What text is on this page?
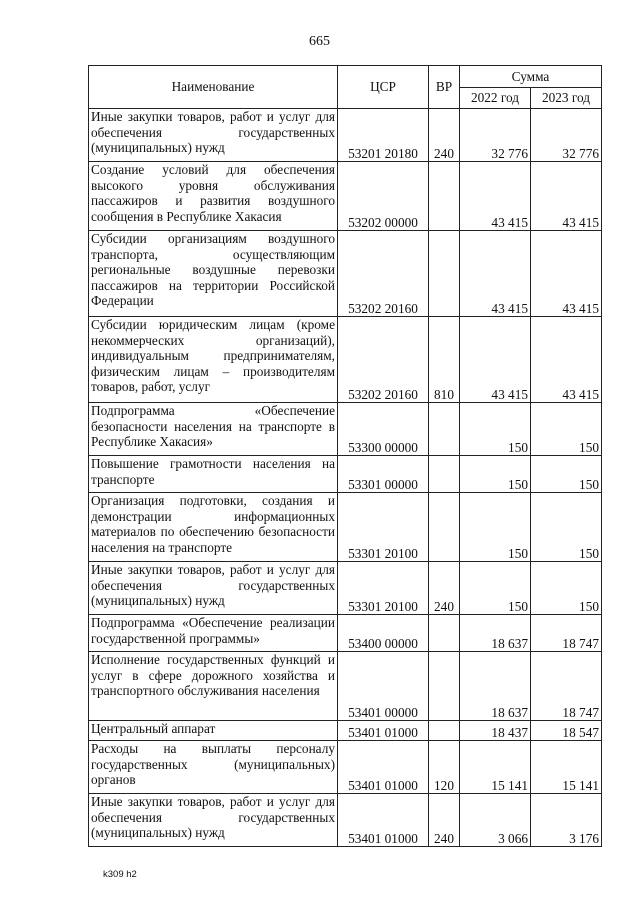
665
Наименование	ЦСР	ВР	Сумма	
			2022 год	2023 год
Иные закупки товаров, работ и услуг для обеспечения государственных (муниципальных) нужд	53201 20180	240	32 776	32 776
Создание условий для обеспечения высокого уровня обслуживания пассажиров и развития воздушного сообщения в Республике Хакасия	53202 00000		43 415	43 415
Субсидии организациям воздушного транспорта, осуществляющим региональные воздушные перевозки пассажиров на территории Российской Федерации	53202 20160		43 415	43 415
Субсидии юридическим лицам (кроме некоммерческих организаций), индивидуальным предпринимателям, физическим лицам – производителям товаров, работ, услуг	53202 20160	810	43 415	43 415
Подпрограмма «Обеспечение безопасности населения на транспорте в Республике Хакасия»	53300 00000		150	150
Повышение грамотности населения на транспорте	53301 00000		150	150
Организация подготовки, создания и демонстрации информационных материалов по обеспечению безопасности населения на транспорте	53301 20100		150	150
Иные закупки товаров, работ и услуг для обеспечения государственных (муниципальных) нужд	53301 20100	240	150	150
Подпрограмма «Обеспечение реализации государственной программы»	53400 00000		18 637	18 747
Исполнение государственных функций и услуг в сфере дорожного хозяйства и транспортного обслуживания населения	53401 00000		18 637	18 747
Центральный аппарат	53401 01000		18 437	18 547
Расходы на выплаты персоналу государственных (муниципальных) органов	53401 01000	120	15 141	15 141
Иные закупки товаров, работ и услуг для обеспечения государственных (муниципальных) нужд	53401 01000	240	3 066	3 176
k309 h2
